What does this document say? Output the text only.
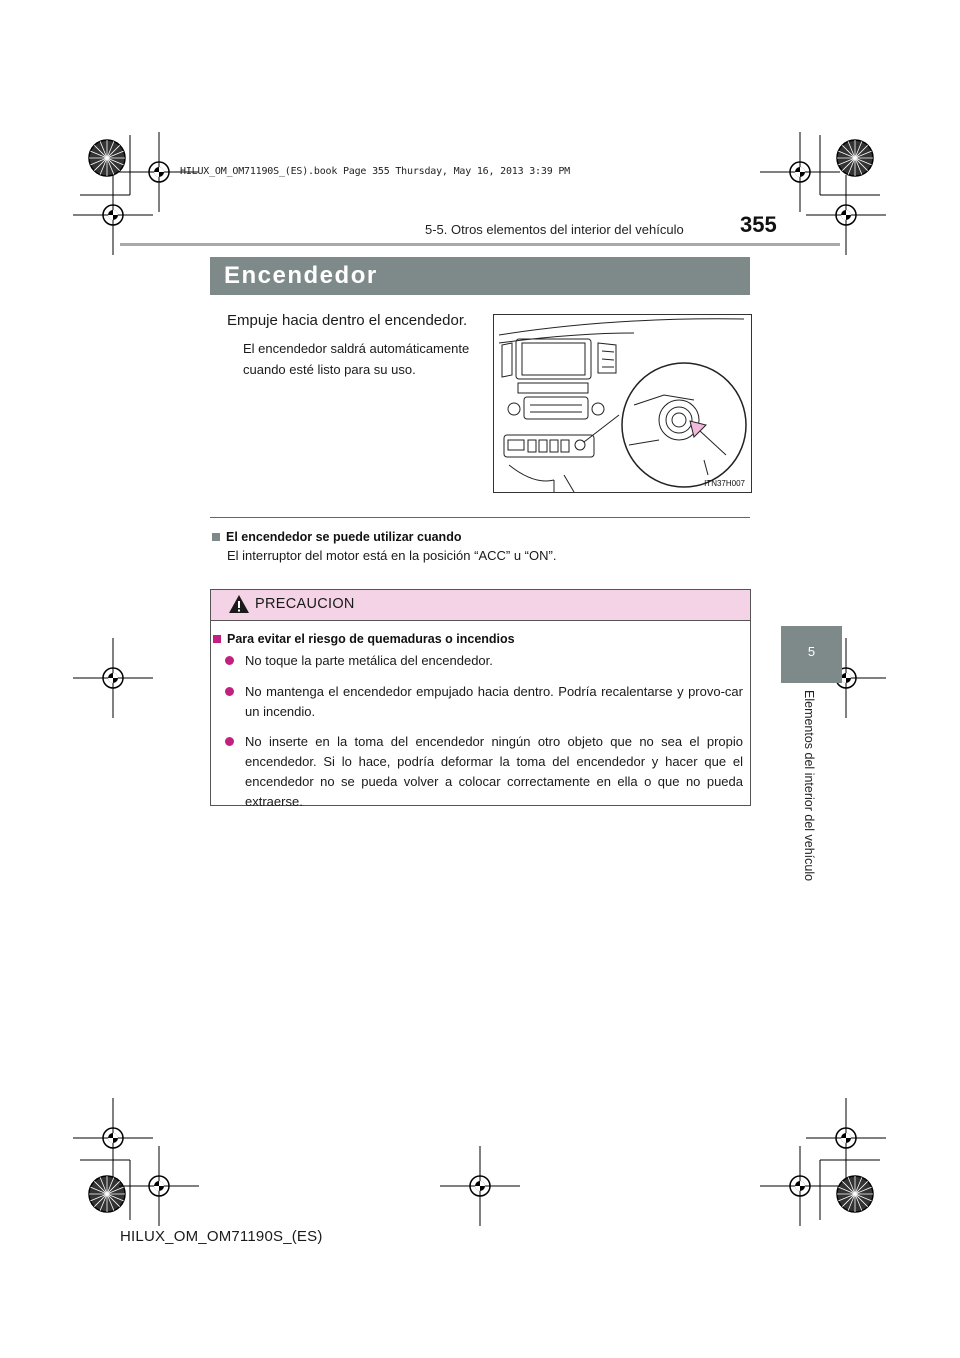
HILUX_OM_OM71190S_(ES).book Page 355 Thursday, May 16, 2013 3:39 PM
5-5. Otros elementos del interior del vehículo	355
5
Elementos del interior del vehículo
Encendedor
Empuje hacia dentro el encendedor.
El encendedor saldrá automáticamente cuando esté listo para su uso.
ITN37H007
El encendedor se puede utilizar cuando
El interruptor del motor está en la posición “ACC” u “ON”.
PRECAUCION
Para evitar el riesgo de quemaduras o incendios
No toque la parte metálica del encendedor.
No mantenga el encendedor empujado hacia dentro. Podría recalentarse y provo-car un incendio.
No inserte en la toma del encendedor ningún otro objeto que no sea el propio encendedor. Si lo hace, podría deformar la toma del encendedor y hacer que el encendedor no se pueda volver a colocar correctamente en ella o que no pueda extraerse.
HILUX_OM_OM71190S_(ES)
